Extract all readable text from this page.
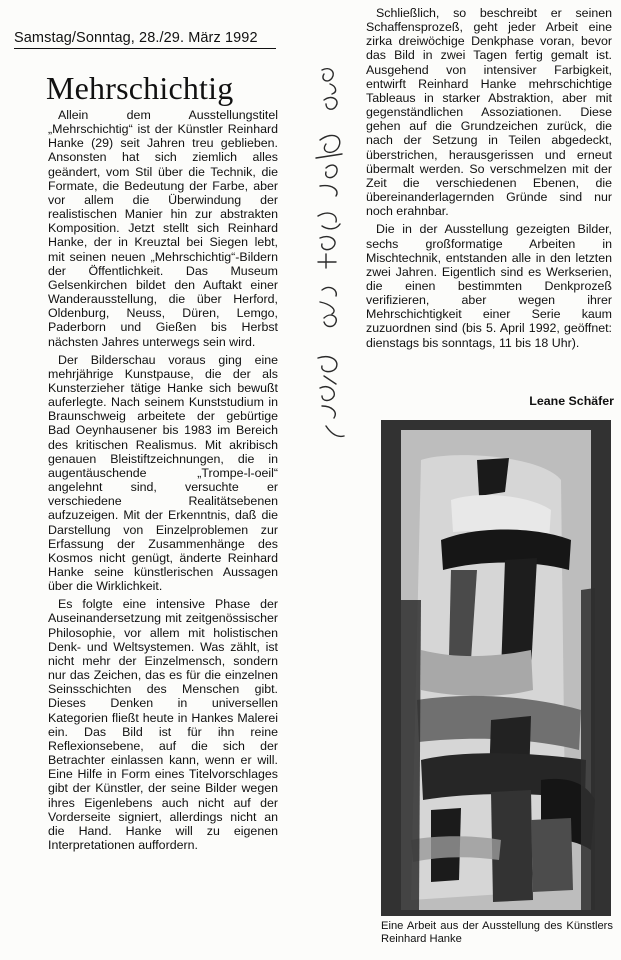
Samstag/Sonntag, 28./29. März 1992
Mehrschichtig

Allein dem Ausstellungstitel „Mehrschichtig“ ist der Künstler Reinhard Hanke (29) seit Jahren treu geblieben. Ansonsten hat sich ziemlich alles geändert, vom Stil über die Technik, die Formate, die Bedeutung der Farbe, aber vor allem die Überwindung der realistischen Manier hin zur abstrakten Komposition. Jetzt stellt sich Reinhard Hanke, der in Kreuztal bei Siegen lebt, mit seinen neuen „Mehrschichtig“-Bildern der Öffentlichkeit. Das Museum Gelsenkirchen bildet den Auftakt einer Wanderausstellung, die über Herford, Oldenburg, Neuss, Düren, Lemgo, Paderborn und Gießen bis Herbst nächsten Jahres unterwegs sein wird.

Der Bilderschau voraus ging eine mehrjährige Kunstpause, die der als Kunsterzieher tätige Hanke sich bewußt auferlegte. Nach seinem Kunststudium in Braunschweig arbeitete der gebürtige Bad Oeynhausener bis 1983 im Bereich des kritischen Realismus. Mit akribisch genauen Bleistiftzeichnungen, die in augentäuschende „Trompe-l-oeil“ angelehnt sind, versuchte er verschiedene Realitätsebenen aufzuzeigen. Mit der Erkenntnis, daß die Darstellung von Einzelproblemen zur Erfassung der Zusammenhänge des Kosmos nicht genügt, änderte Reinhard Hanke seine künstlerischen Aussagen über die Wirklichkeit.

Es folgte eine intensive Phase der Auseinandersetzung mit zeitgenössischer Philosophie, vor allem mit holistischen Denk- und Weltsystemen. Was zählt, ist nicht mehr der Einzelmensch, sondern nur das Zeichen, das es für die einzelnen Seinsschichten des Menschen gibt. Dieses Denken in universellen Kategorien fließt heute in Hankes Malerei ein. Das Bild ist für ihn reine Reflexionsebene, auf die sich der Betrachter einlassen kann, wenn er will. Eine Hilfe in Form eines Titelvorschlages gibt der Künstler, der seine Bilder wegen ihres Eigenlebens auch nicht auf der Vorderseite signiert, allerdings nicht an die Hand. Hanke will zu eigenen Interpretationen auffordern.

Schließlich, so beschreibt er seinen Schaffensprozeß, geht jeder Arbeit eine zirka dreiwöchige Denkphase voran, bevor das Bild in zwei Tagen fertig gemalt ist. Ausgehend von intensiver Farbigkeit, entwirft Reinhard Hanke mehrschichtige Tableaus in starker Abstraktion, aber mit gegenständlichen Assoziationen. Diese gehen auf die Grundzeichen zurück, die nach der Setzung in Teilen abgedeckt, überstrichen, herausgerissen und erneut übermalt werden. So verschmelzen mit der Zeit die verschiedenen Ebenen, die übereinanderlagernden Gründe sind nur noch erahnbar.

Die in der Ausstellung gezeigten Bilder, sechs großformatige Arbeiten in Mischtechnik, entstanden alle in den letzten zwei Jahren. Eigentlich sind es Werkserien, die einen bestimmten Denkprozeß verifizieren, aber wegen ihrer Mehrschichtigkeit einer Serie kaum zuzuordnen sind (bis 5. April 1992, geöffnet: dienstags bis sonntags, 11 bis 18 Uhr).

Leane Schäfer
Eine Arbeit aus der Ausstellung des Künstlers Reinhard Hanke
